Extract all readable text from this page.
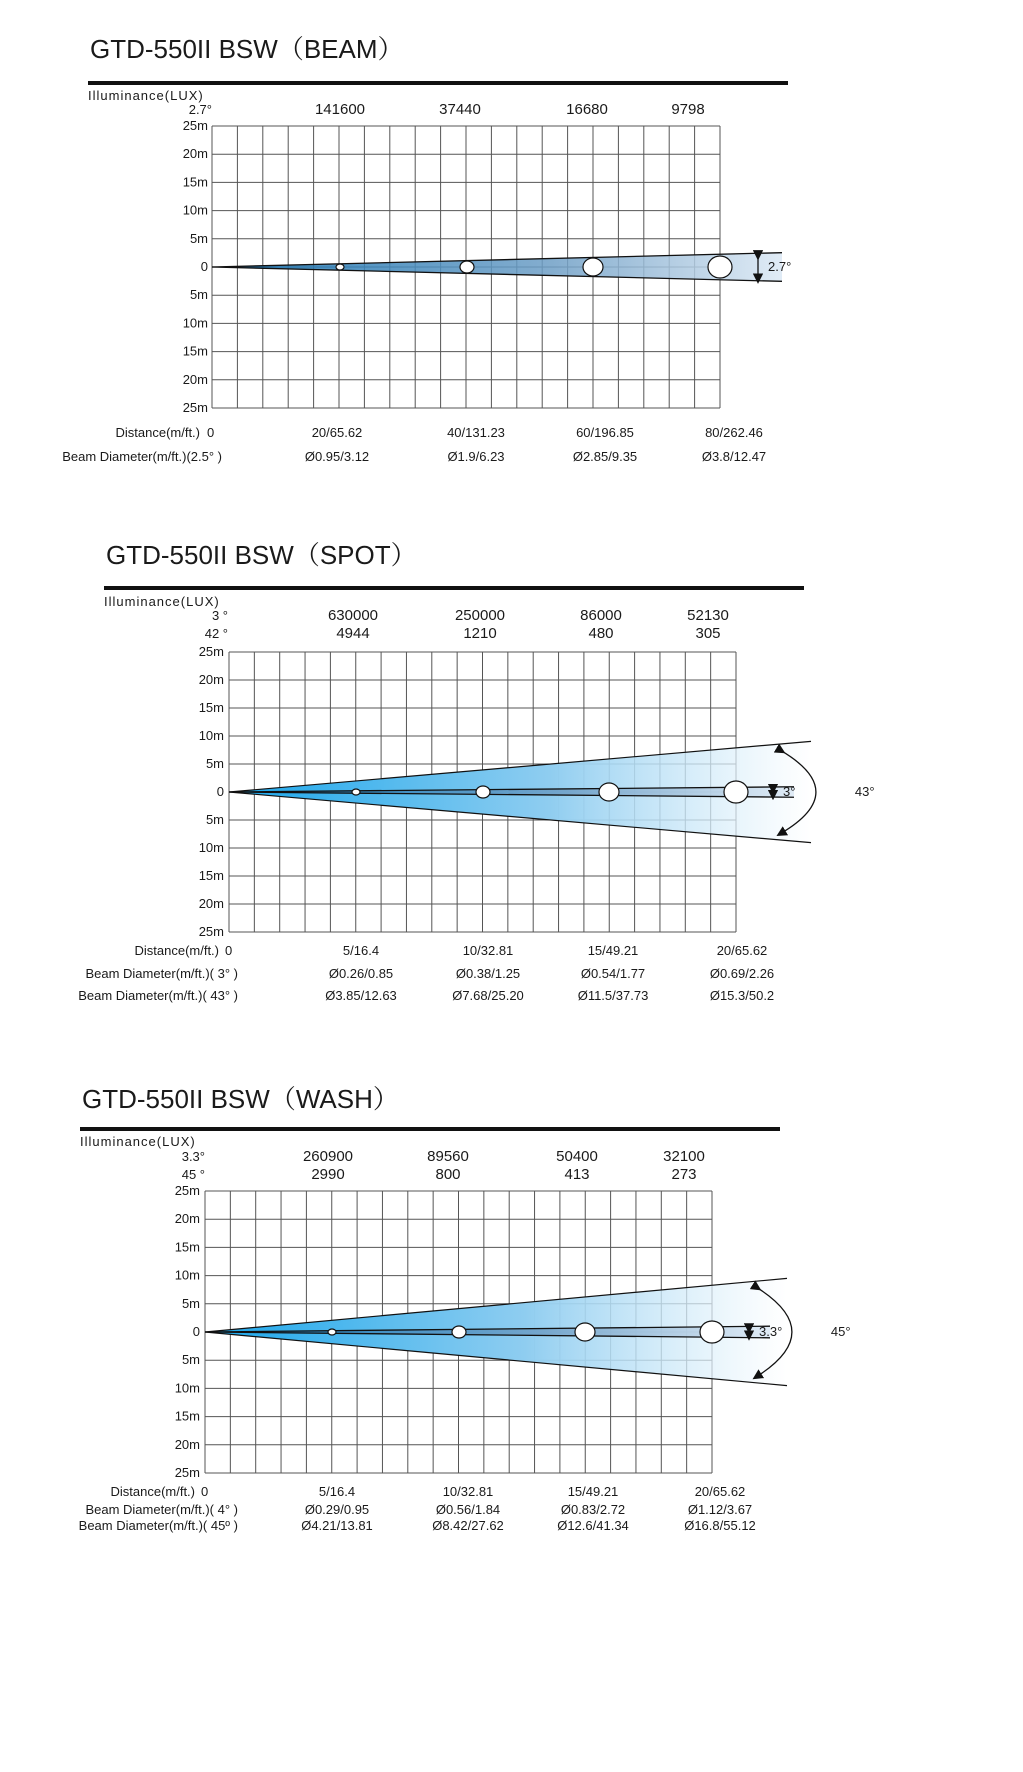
GTD-550II BSW（BEAM）
Illuminance(LUX)
2.7°	141600	37440	16680	9798
25m
20m
15m
10m
5m
0
5m
10m
15m
20m
25m
2.7°
Distance(m/ft.) 0	20/65.62	40/131.23	60/196.85	80/262.46
Beam Diameter(m/ft.)(2.5° )	Ø0.95/3.12	Ø1.9/6.23	Ø2.85/9.35	Ø3.8/12.47
GTD-550II BSW（SPOT）
Illuminance(LUX)
3 °
42 °
630000	250000	86000	52130
4944	1210	480	305
25m
20m
15m
10m
5m
0
5m
10m
15m
20m
25m
43°
3°
Distance(m/ft.) 0	5/16.4	10/32.81	15/49.21	20/65.62
Beam Diameter(m/ft.)( 3° )	Ø0.26/0.85	Ø0.38/1.25	Ø0.54/1.77	Ø0.69/2.26
Beam Diameter(m/ft.)( 43° )	Ø3.85/12.63	Ø7.68/25.20	Ø11.5/37.73	Ø15.3/50.2
GTD-550II BSW（WASH）
Illuminance(LUX)
3.3°
45 °
260900	89560	50400	32100
2990	800	413	273
25m
20m
15m
10m
5m
0
5m
10m
15m
20m
25m
45°
3.3°
Distance(m/ft.) 0	5/16.4	10/32.81	15/49.21	20/65.62
Beam Diameter(m/ft.)( 4° )	Ø0.29/0.95	Ø0.56/1.84	Ø0.83/2.72	Ø1.12/3.67
Beam Diameter(m/ft.)( 45º )	Ø4.21/13.81	Ø8.42/27.62	Ø12.6/41.34	Ø16.8/55.12
